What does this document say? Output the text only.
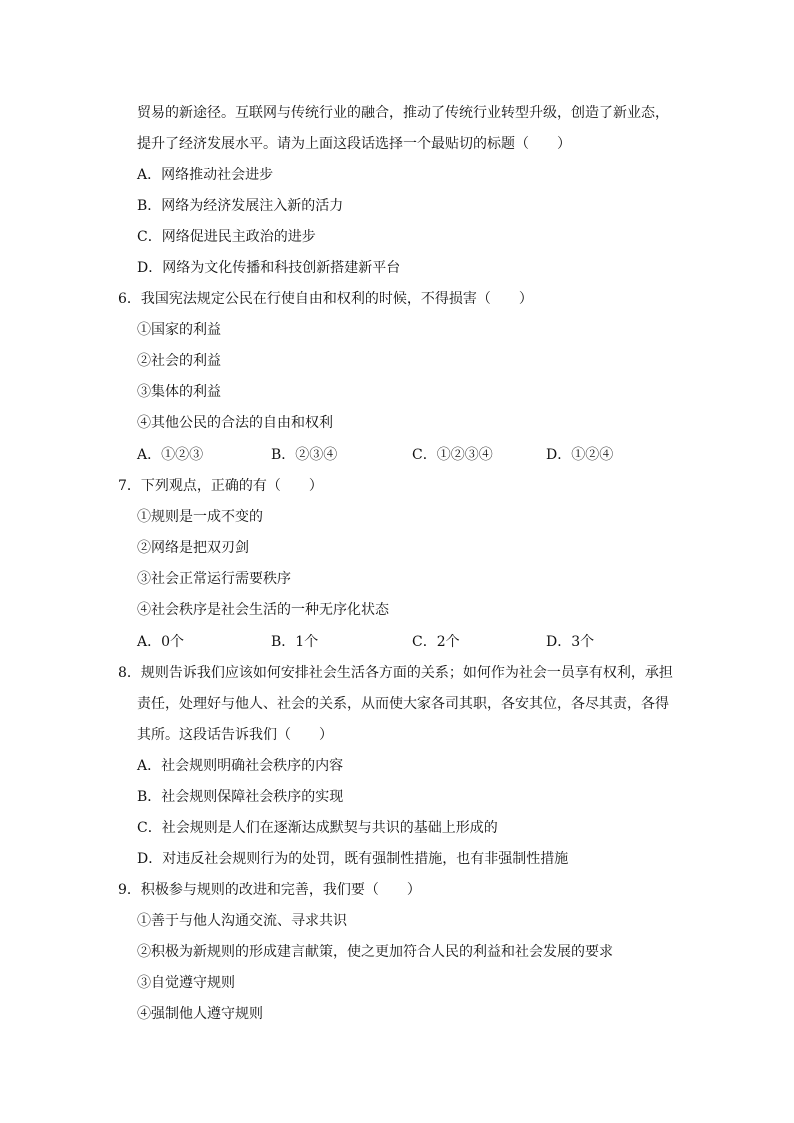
贸易的新途径。互联网与传统行业的融合，推动了传统行业转型升级，创造了新业态，
提升了经济发展水平。请为上面这段话选择一个最贴切的标题（　　）
A．网络推动社会进步
B．网络为经济发展注入新的活力
C．网络促进民主政治的进步
D．网络为文化传播和科技创新搭建新平台
6．我国宪法规定公民在行使自由和权利的时候，不得损害（　　）
①国家的利益
②社会的利益
③集体的利益
④其他公民的合法的自由和权利
A．①②③	B．②③④	C．①②③④	D．①②④
7．下列观点，正确的有（　　）
①规则是一成不变的
②网络是把双刃剑
③社会正常运行需要秩序
④社会秩序是社会生活的一种无序化状态
A．0个	B．1个	C．2个	D．3个
8．规则告诉我们应该如何安排社会生活各方面的关系；如何作为社会一员享有权利，承担
责任，处理好与他人、社会的关系，从而使大家各司其职，各安其位，各尽其责，各得
其所。这段话告诉我们（　　）
A．社会规则明确社会秩序的内容
B．社会规则保障社会秩序的实现
C．社会规则是人们在逐渐达成默契与共识的基础上形成的
D．对违反社会规则行为的处罚，既有强制性措施，也有非强制性措施
9．积极参与规则的改进和完善，我们要（　　）
①善于与他人沟通交流、寻求共识
②积极为新规则的形成建言献策，使之更加符合人民的利益和社会发展的要求
③自觉遵守规则
④强制他人遵守规则
